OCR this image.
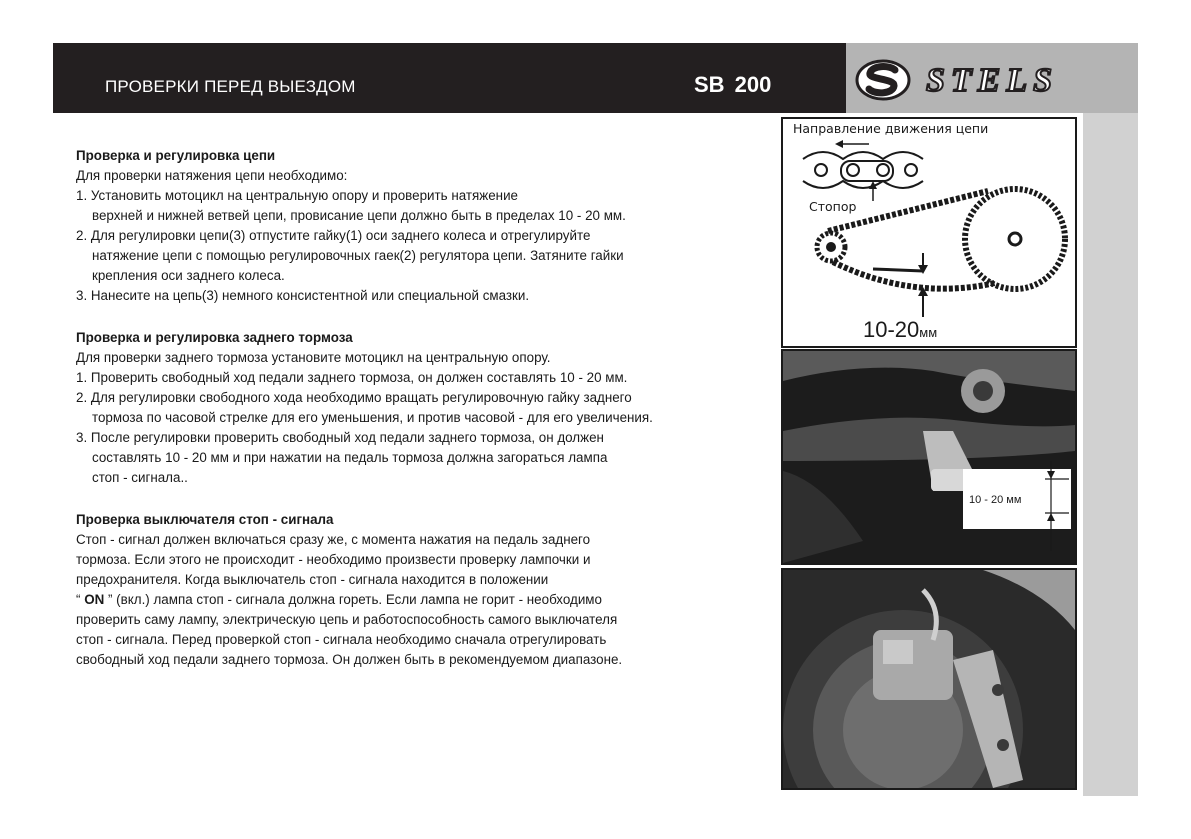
ПРОВЕРКИ ПЕРЕД ВЫЕЗДОМ	SB 200	STELS

Проверка и регулировка цепи

Для проверки натяжения цепи необходимо:

1. Установить мотоцикл на центральную опору и проверить натяжение

верхней и нижней ветвей цепи, провисание цепи должно быть в пределах 10 - 20 мм.

2. Для регулировки цепи(3) отпустите гайку(1) оси заднего колеса и отрегулируйте

натяжение цепи с помощью регулировочных гаек(2) регулятора цепи. Затяните гайки

крепления оси заднего колеса.

3. Нанесите на цепь(3) немного консистентной или специальной смазки.

Проверка и регулировка заднего тормоза

Для проверки заднего тормоза установите мотоцикл на центральную опору.

1. Проверить свободный ход педали заднего тормоза, он должен составлять 10 - 20 мм.

2. Для регулировки свободного хода необходимо вращать регулировочную гайку заднего

тормоза по часовой стрелке для его уменьшения, и против часовой - для его увеличения.

3. После регулировки проверить свободный ход педали заднего тормоза, он должен

составлять 10 - 20 мм и при нажатии на педаль тормоза должна загораться лампа

стоп - сигнала..

Проверка выключателя стоп - сигнала

Стоп - сигнал должен включаться сразу же, с момента нажатия на педаль заднего

тормоза. Если этого не происходит - необходимо произвести проверку лампочки и

предохранителя. Когда выключатель стоп - сигнала находится в положении

“ ON ” (вкл.) лампа стоп - сигнала должна гореть. Если лампа не горит - необходимо

проверить саму лампу, электрическую цепь и работоспособность самого выключателя

стоп - сигнала. Перед проверкой стоп - сигнала необходимо сначала отрегулировать

свободный ход педали заднего тормоза. Он должен быть в рекомендуемом диапазоне.

Направление движения цепи
Стопор
10-20мм
10 - 20 мм
